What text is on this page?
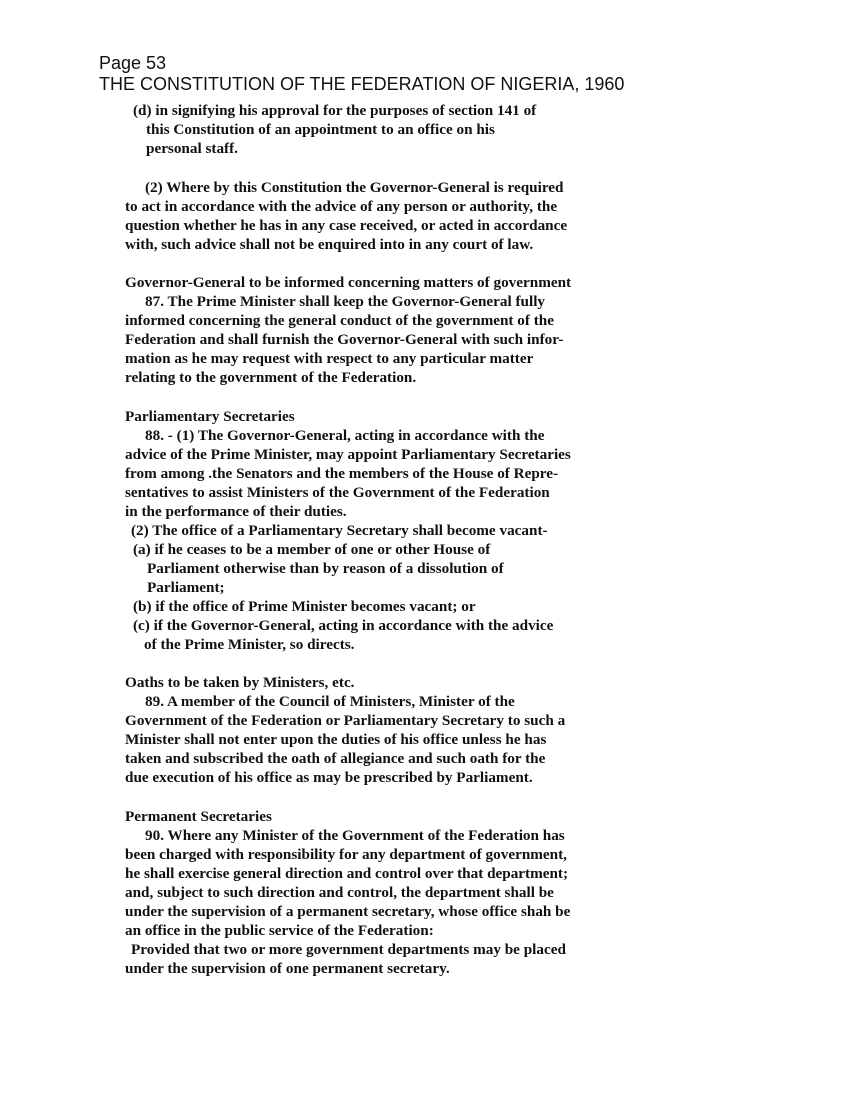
Page 53
THE CONSTITUTION OF THE FEDERATION OF NIGERIA, 1960
(d) in signifying his approval for the purposes of section 141 of
this Constitution of an appointment to an office on his
personal staff.
(2) Where by this Constitution the Governor-General is required
to act in accordance with the advice of any person or authority, the
question whether he has in any case received, or acted in accordance
with, such advice shall not be enquired into in any court of law.
Governor-General to be informed concerning matters of government
87. The Prime Minister shall keep the Governor-General fully
informed concerning the general conduct of the government of the
Federation and shall furnish the Governor-General with such infor-
mation as he may request with respect to any particular matter
relating to the government of the Federation.
Parliamentary Secretaries
88. - (1) The Governor-General, acting in accordance with the
advice of the Prime Minister, may appoint Parliamentary Secretaries
from among .the Senators and the members of the House of Repre-
sentatives to assist Ministers of the Government of the Federation
in the performance of their duties.
(2) The office of a Parliamentary Secretary shall become vacant-
(a) if he ceases to be a member of one or other House of
Parliament otherwise than by reason of a dissolution of
Parliament;
(b) if the office of Prime Minister becomes vacant; or
(c) if the Governor-General, acting in accordance with the advice
of the Prime Minister, so directs.
Oaths to be taken by Ministers, etc.
89. A member of the Council of Ministers, Minister of the
Government of the Federation or Parliamentary Secretary to such a
Minister shall not enter upon the duties of his office unless he has
taken and subscribed the oath of allegiance and such oath for the
due execution of his office as may be prescribed by Parliament.
Permanent Secretaries
90. Where any Minister of the Government of the Federation has
been charged with responsibility for any department of government,
he shall exercise general direction and control over that department;
and, subject to such direction and control, the department shall be
under the supervision of a permanent secretary, whose office shah be
an office in the public service of the Federation:
Provided that two or more government departments may be placed
under the supervision of one permanent secretary.
